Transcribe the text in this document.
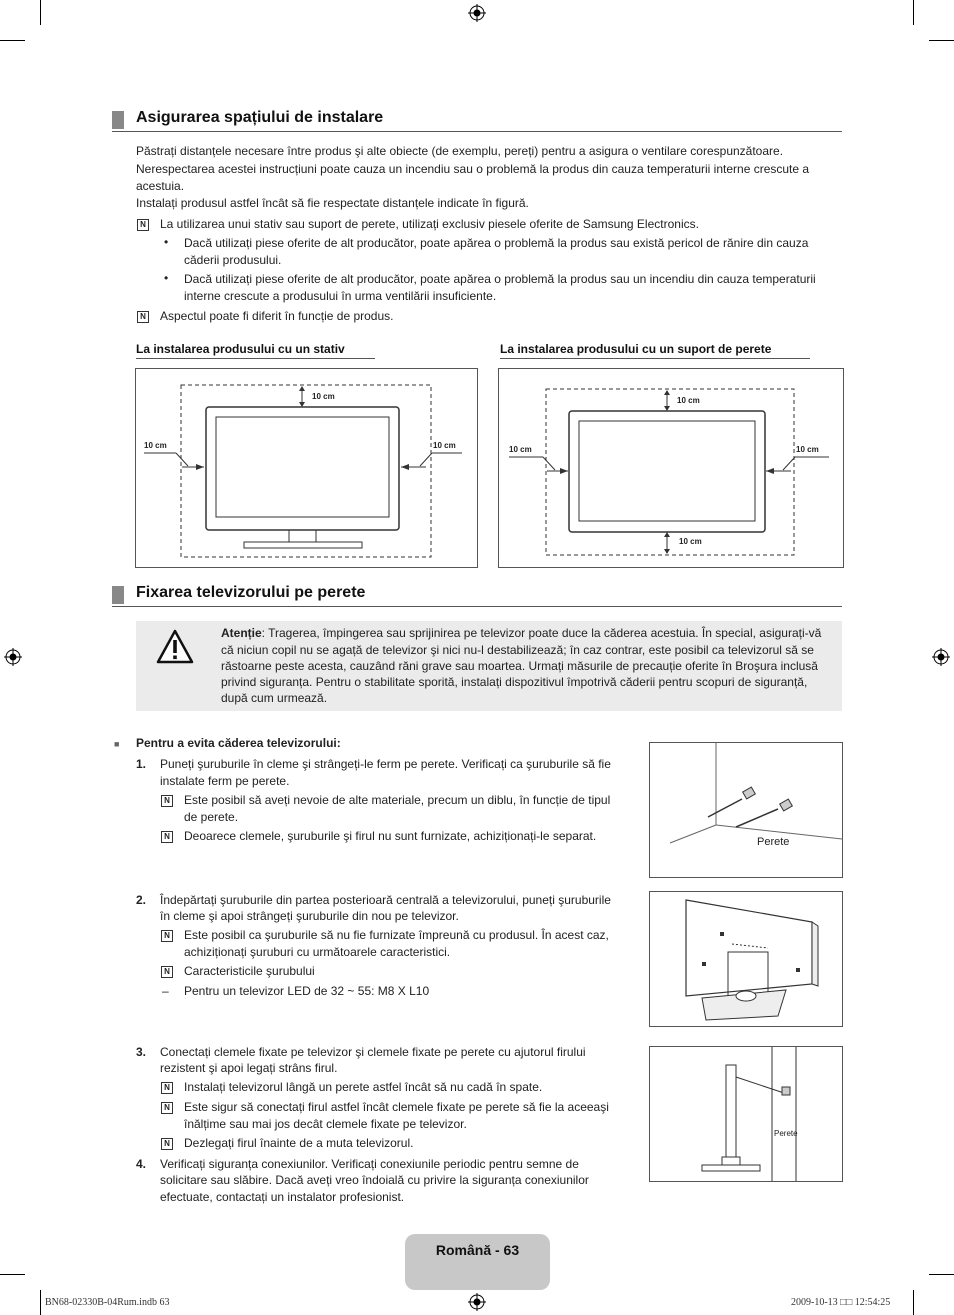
Asigurarea spațiului de instalare
Păstrați distanțele necesare între produs şi alte obiecte (de exemplu, pereți) pentru a asigura o ventilare corespunzătoare.
Nerespectarea acestei instrucțiuni poate cauza un incendiu sau o problemă la produs din cauza temperaturii interne crescute a
acestuia.
Instalați produsul astfel încât să fie respectate distanțele indicate în figură.
N La utilizarea unui stativ sau suport de perete, utilizați exclusiv piesele oferite de Samsung Electronics.
• Dacă utilizați piese oferite de alt producător, poate apărea o problemă la produs sau există pericol de rănire din cauza
căderii produsului.
• Dacă utilizați piese oferite de alt producător, poate apărea o problemă la produs sau un incendiu din cauza temperaturii
interne crescute a produsului în urma ventilării insuficiente.
N Aspectul poate fi diferit în funcție de produs.
La instalarea produsului cu un stativ	La instalarea produsului cu un suport de perete
10 cm
10 cm	10 cm
10 cm
10 cm	10 cm
10 cm
Fixarea televizorului pe perete
Atenție: Tragerea, împingerea sau sprijinirea pe televizor poate duce la căderea acestuia. În special, asigurați-vă
că niciun copil nu se agață de televizor şi nici nu-l destabilizează; în caz contrar, este posibil ca televizorul să se
răstoarne peste acesta, cauzând răni grave sau moartea. Urmați măsurile de precauție oferite în Broşura inclusă
privind siguranța. Pentru o stabilitate sporită, instalați dispozitivul împotrivă căderii pentru scopuri de siguranță,
după cum urmează.
■ Pentru a evita căderea televizorului:
1. Puneți şuruburile în cleme şi strângeți-le ferm pe perete. Verificați ca şuruburile să fie
instalate ferm pe perete.
N Este posibil să aveți nevoie de alte materiale, precum un diblu, în funcție de tipul
de perete.
N Deoarece clemele, şuruburile şi firul nu sunt furnizate, achiziționați-le separat.	Perete
2. Îndepărtați şuruburile din partea posterioară centrală a televizorului, puneți şuruburile
în cleme şi apoi strângeți şuruburile din nou pe televizor.
N Este posibil ca şuruburile să nu fie furnizate împreună cu produsul. În acest caz,
achiziționați şuruburi cu următoarele caracteristici.
N Caracteristicile şurubului
– Pentru un televizor LED de 32 ~ 55: M8 X L10
3. Conectați clemele fixate pe televizor şi clemele fixate pe perete cu ajutorul firului
rezistent şi apoi legați strâns firul.
N Instalați televizorul lângă un perete astfel încât să nu cadă în spate.
N Este sigur să conectați firul astfel încât clemele fixate pe perete să fie la aceeaşi
înălțime sau mai jos decât clemele fixate pe televizor.
N Dezlegați firul înainte de a muta televizorul.
4. Verificați siguranța conexiunilor. Verificați conexiunile periodic pentru semne de
solicitare sau slăbire. Dacă aveți vreo îndoială cu privire la siguranța conexiunilor
efectuate, contactați un instalator profesionist.
Perete
Română - 63
BN68-02330B-04Rum.indb 63	2009-10-13 □□ 12:54:25
